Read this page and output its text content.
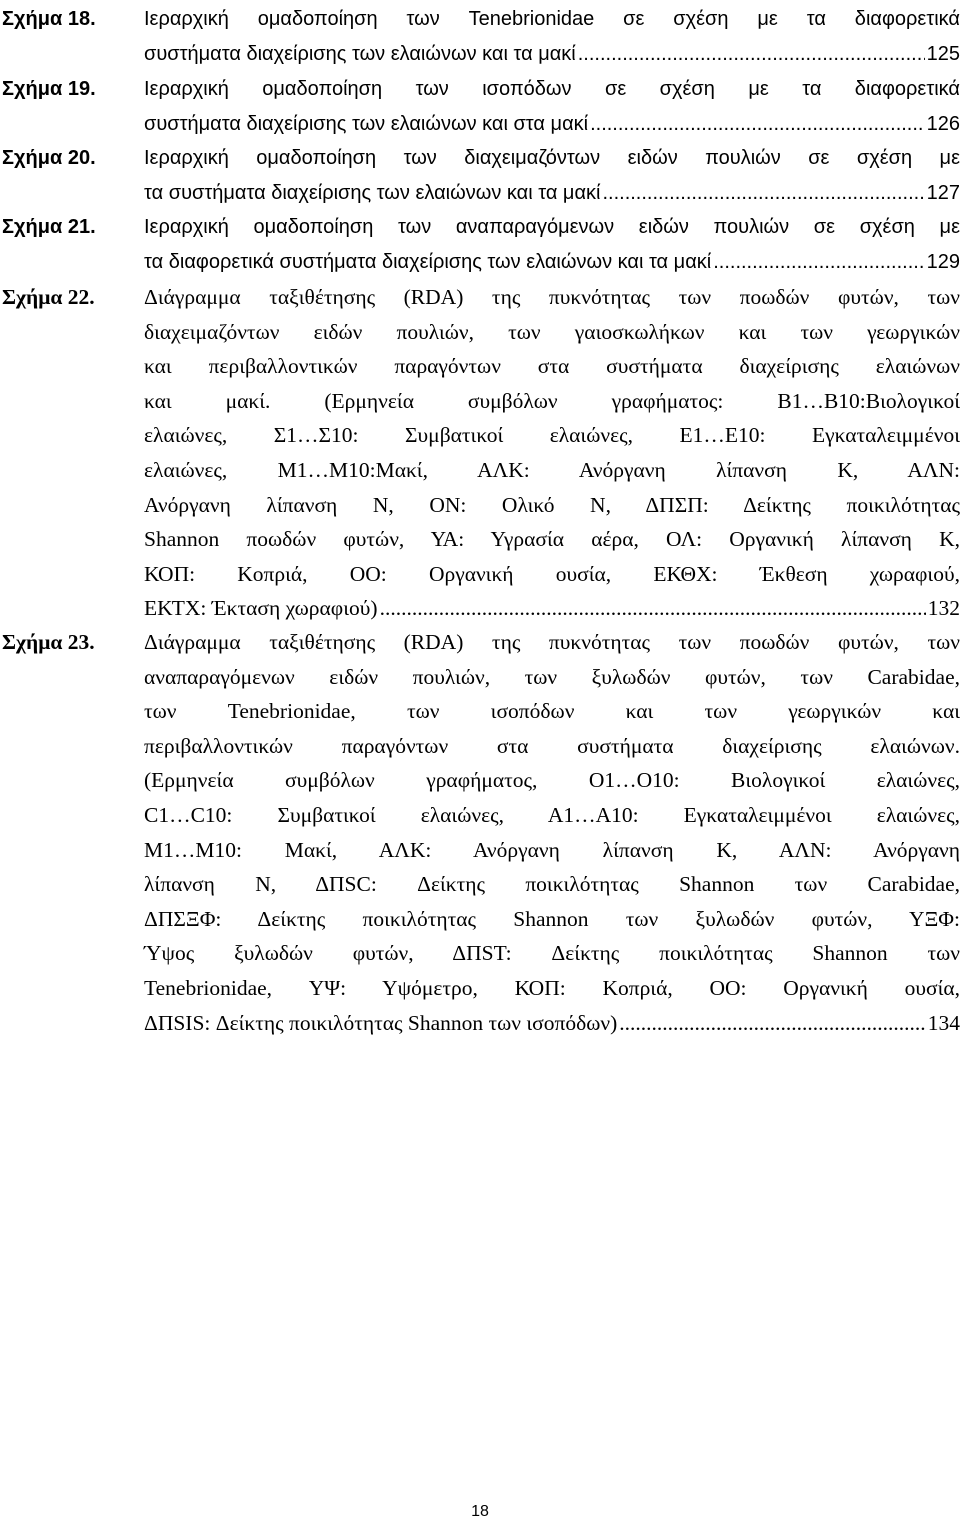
Σχήμα 18. Ιεραρχική ομαδοποίηση των Tenebrionidae σε σχέση με τα διαφορετικά
συστήματα διαχείρισης των ελαιώνων και τα μακί .....	125
Σχήμα 19. Ιεραρχική ομαδοποίηση των ισοπόδων σε σχέση με τα διαφορετικά
συστήματα διαχείρισης των ελαιώνων και στα μακί .....	126
Σχήμα 20. Ιεραρχική ομαδοποίηση των διαχειμαζόντων ειδών πουλιών σε σχέση με
τα συστήματα διαχείρισης των ελαιώνων και τα μακί .....	127
Σχήμα 21. Ιεραρχική ομαδοποίηση των αναπαραγόμενων ειδών πουλιών σε σχέση με
τα διαφορετικά συστήματα διαχείρισης των ελαιώνων και τα μακί .....	129
Σχήμα 22. Διάγραμμα ταξιθέτησης (RDA) της πυκνότητας των ποωδών φυτών, των
διαχειμαζόντων ειδών πουλιών, των γαιοσκωλήκων και των γεωργικών
και περιβαλλοντικών παραγόντων στα συστήματα διαχείρισης ελαιώνων
και μακί. (Ερμηνεία συμβόλων γραφήματος: Β1…Β10:Βιολογικοί
ελαιώνες, Σ1…Σ10: Συμβατικοί ελαιώνες, Ε1…Ε10: Εγκαταλειμμένοι
ελαιώνες, Μ1…Μ10:Μακί, ΑΛΚ: Ανόργανη λίπανση Κ, ΑΛΝ:
Ανόργανη λίπανση Ν, ΟΝ: Ολικό Ν, ΔΠΣΠ: Δείκτης ποικιλότητας
Shannon ποωδών φυτών, ΥΑ: Υγρασία αέρα, ΟΛ: Οργανική λίπανση Κ,
ΚΟΠ: Κοπριά, ΟΟ: Οργανική ουσία, ΕΚΘΧ: Έκθεση χωραφιού,
ΕΚΤΧ: Έκταση χωραφιού) .....	132
Σχήμα 23. Διάγραμμα ταξιθέτησης (RDA) της πυκνότητας των ποωδών φυτών, των
αναπαραγόμενων ειδών πουλιών, των ξυλωδών φυτών, των Carabidae,
των Tenebrionidae, των ισοπόδων και των γεωργικών και
περιβαλλοντικών παραγόντων στα συστήματα διαχείρισης ελαιώνων.
(Ερμηνεία συμβόλων γραφήματος, Ο1…Ο10: Βιολογικοί ελαιώνες,
C1…C10: Συμβατικοί ελαιώνες, Α1…Α10: Εγκαταλειμμένοι ελαιώνες,
Μ1…Μ10: Μακί, ΑΛΚ: Ανόργανη λίπανση Κ, ΑΛΝ: Ανόργανη
λίπανση Ν, ΔΠSC: Δείκτης ποικιλότητας Shannon των Carabidae,
ΔΠΣΞΦ: Δείκτης ποικιλότητας Shannon των ξυλωδών φυτών, ΥΞΦ:
Ύψος ξυλωδών φυτών, ΔΠST: Δείκτης ποικιλότητας Shannon των
Tenebrionidae, ΥΨ: Υψόμετρο, ΚΟΠ: Κοπριά, ΟΟ: Οργανική ουσία,
ΔΠSIS: Δείκτης ποικιλότητας Shannon των ισοπόδων) .....	134
18
